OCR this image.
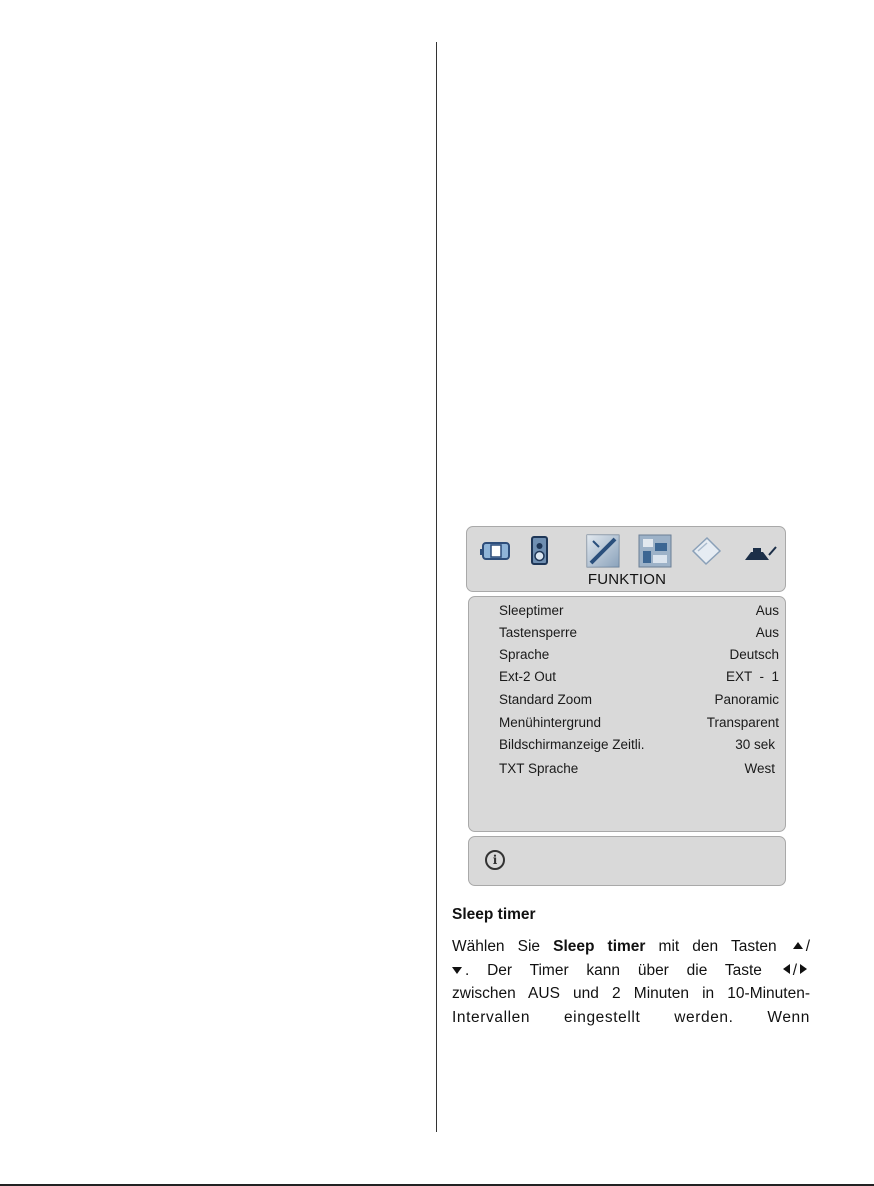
FUNKTION
Sleeptimer	Aus
Tastensperre	Aus
Sprache	Deutsch
Ext-2 Out	EXT  -  1
Standard Zoom	Panoramic
Menühintergrund	Transparent
Bildschirmanzeige Zeitli.	30 sek
TXT Sprache	West
i
Sleep timer
Wählen Sie Sleep timer mit den Tasten /
. Der Timer kann über die Taste /
zwischen AUS und 2 Minuten in 10-Minuten-
Intervallen eingestellt werden. Wenn
